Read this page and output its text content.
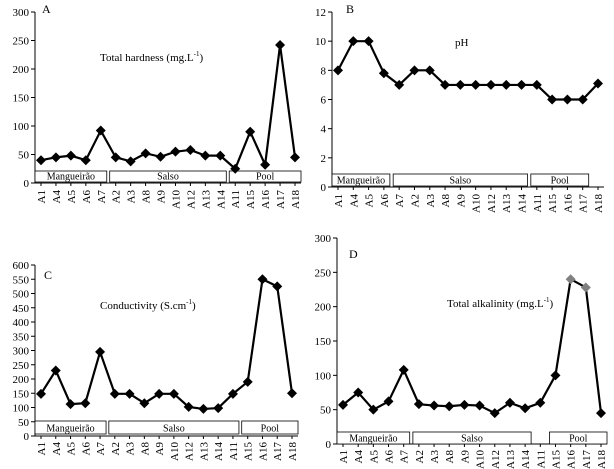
0
50
100
150
200
250
300
A1 A4 A5 A6 A7 A2 A3 A8 A9 A10 A12 A13 A14 A11 A15 A16 A17 A18
Mangueirão	Salso	Pool
A
Total hardness $(mg.L^{-1})$
0
2
4
6
8
10
12
A1 A4 A5 A6 A7 A2 A3 A8 A9 A10 A12 A13 A14 A11 A15 A16 A17 A18
Mangueirão	Salso	Pool
B
pH
0
50
100
150
200
250
300
350
400
450
500
550
600
A1 A4 A5 A6 A7 A2 A3 A8 A9 A10 A12 A13 A14 A11 A15 A16 A17 A18
Mangueirão	Salso	Pool
C
Conductivity $(S.cm^{-1})$
0
50
100
150
200
250
300
A1 A4 A5 A6 A7 A2 A3 A8 A9 A10 A12 A13 A14 A11 A15 A16 A17 A18
Mangueirão	Salso	Pool
D
Total alkalinity $(mg.L^{-1})$
